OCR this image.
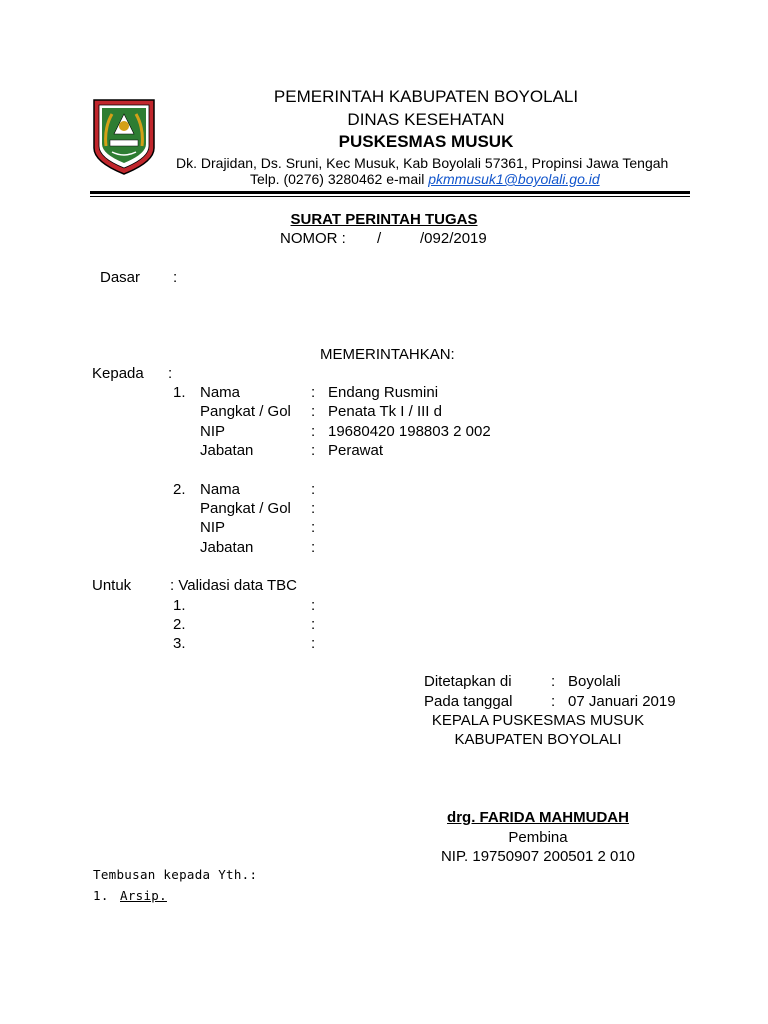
PEMERINTAH KABUPATEN BOYOLALI
DINAS KESEHATAN
PUSKESMAS MUSUK
Dk. Drajidan, Ds. Sruni, Kec Musuk, Kab Boyolali 57361, Propinsi Jawa Tengah
Telp. (0276) 3280462 e-mail pkmmusuk1@boyolali.go.id
SURAT PERINTAH TUGAS
NOMOR : /	/092/2019
Dasar :
MEMERINTAHKAN:
Kepada :
1. Nama	: Endang Rusmini
Pangkat / Gol : Penata Tk I / III d
NIP	: 19680420 198803 2 002
Jabatan	: Perawat
2. Nama	:
Pangkat / Gol :
NIP	:
Jabatan	:
Untuk	: Validasi data TBC
1.	:
2.	:
3.	:
Ditetapkan di	: Boyolali
Pada tanggal	: 07 Januari 2019
KEPALA PUSKESMAS MUSUK
KABUPATEN BOYOLALI
drg. FARIDA MAHMUDAH
Pembina
NIP. 19750907 200501 2 010
Tembusan kepada Yth.:
1. Arsip.
